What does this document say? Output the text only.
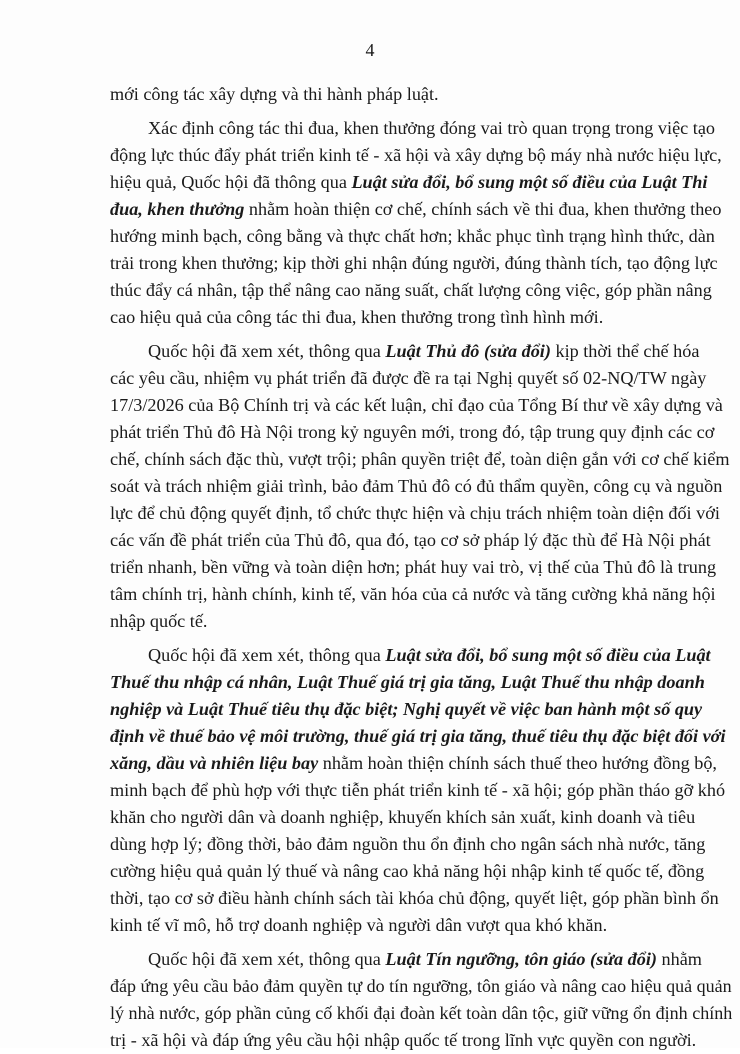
4
mới công tác xây dựng và thi hành pháp luật.
Xác định công tác thi đua, khen thưởng đóng vai trò quan trọng trong việc tạo
động lực thúc đẩy phát triển kinh tế - xã hội và xây dựng bộ máy nhà nước hiệu lực,
hiệu quả, Quốc hội đã thông qua Luật sửa đổi, bổ sung một số điều của Luật Thi
đua, khen thưởng nhằm hoàn thiện cơ chế, chính sách về thi đua, khen thưởng theo
hướng minh bạch, công bằng và thực chất hơn; khắc phục tình trạng hình thức, dàn
trải trong khen thưởng; kịp thời ghi nhận đúng người, đúng thành tích, tạo động lực
thúc đẩy cá nhân, tập thể nâng cao năng suất, chất lượng công việc, góp phần nâng
cao hiệu quả của công tác thi đua, khen thưởng trong tình hình mới.
Quốc hội đã xem xét, thông qua Luật Thủ đô (sửa đổi) kịp thời thể chế hóa
các yêu cầu, nhiệm vụ phát triển đã được đề ra tại Nghị quyết số 02-NQ/TW ngày
17/3/2026 của Bộ Chính trị và các kết luận, chỉ đạo của Tổng Bí thư về xây dựng và
phát triển Thủ đô Hà Nội trong kỷ nguyên mới, trong đó, tập trung quy định các cơ
chế, chính sách đặc thù, vượt trội; phân quyền triệt để, toàn diện gắn với cơ chế kiểm
soát và trách nhiệm giải trình, bảo đảm Thủ đô có đủ thẩm quyền, công cụ và nguồn
lực để chủ động quyết định, tổ chức thực hiện và chịu trách nhiệm toàn diện đối với
các vấn đề phát triển của Thủ đô, qua đó, tạo cơ sở pháp lý đặc thù để Hà Nội phát
triển nhanh, bền vững và toàn diện hơn; phát huy vai trò, vị thế của Thủ đô là trung
tâm chính trị, hành chính, kinh tế, văn hóa của cả nước và tăng cường khả năng hội
nhập quốc tế.
Quốc hội đã xem xét, thông qua Luật sửa đổi, bổ sung một số điều của Luật
Thuế thu nhập cá nhân, Luật Thuế giá trị gia tăng, Luật Thuế thu nhập doanh
nghiệp và Luật Thuế tiêu thụ đặc biệt; Nghị quyết về việc ban hành một số quy
định về thuế bảo vệ môi trường, thuế giá trị gia tăng, thuế tiêu thụ đặc biệt đối với
xăng, dầu và nhiên liệu bay nhằm hoàn thiện chính sách thuế theo hướng đồng bộ,
minh bạch để phù hợp với thực tiễn phát triển kinh tế - xã hội; góp phần tháo gỡ khó
khăn cho người dân và doanh nghiệp, khuyến khích sản xuất, kinh doanh và tiêu
dùng hợp lý; đồng thời, bảo đảm nguồn thu ổn định cho ngân sách nhà nước, tăng
cường hiệu quả quản lý thuế và nâng cao khả năng hội nhập kinh tế quốc tế, đồng
thời, tạo cơ sở điều hành chính sách tài khóa chủ động, quyết liệt, góp phần bình ổn
kinh tế vĩ mô, hỗ trợ doanh nghiệp và người dân vượt qua khó khăn.
Quốc hội đã xem xét, thông qua Luật Tín ngưỡng, tôn giáo (sửa đổi) nhằm
đáp ứng yêu cầu bảo đảm quyền tự do tín ngưỡng, tôn giáo và nâng cao hiệu quả quản
lý nhà nước, góp phần củng cố khối đại đoàn kết toàn dân tộc, giữ vững ổn định chính
trị - xã hội và đáp ứng yêu cầu hội nhập quốc tế trong lĩnh vực quyền con người.
